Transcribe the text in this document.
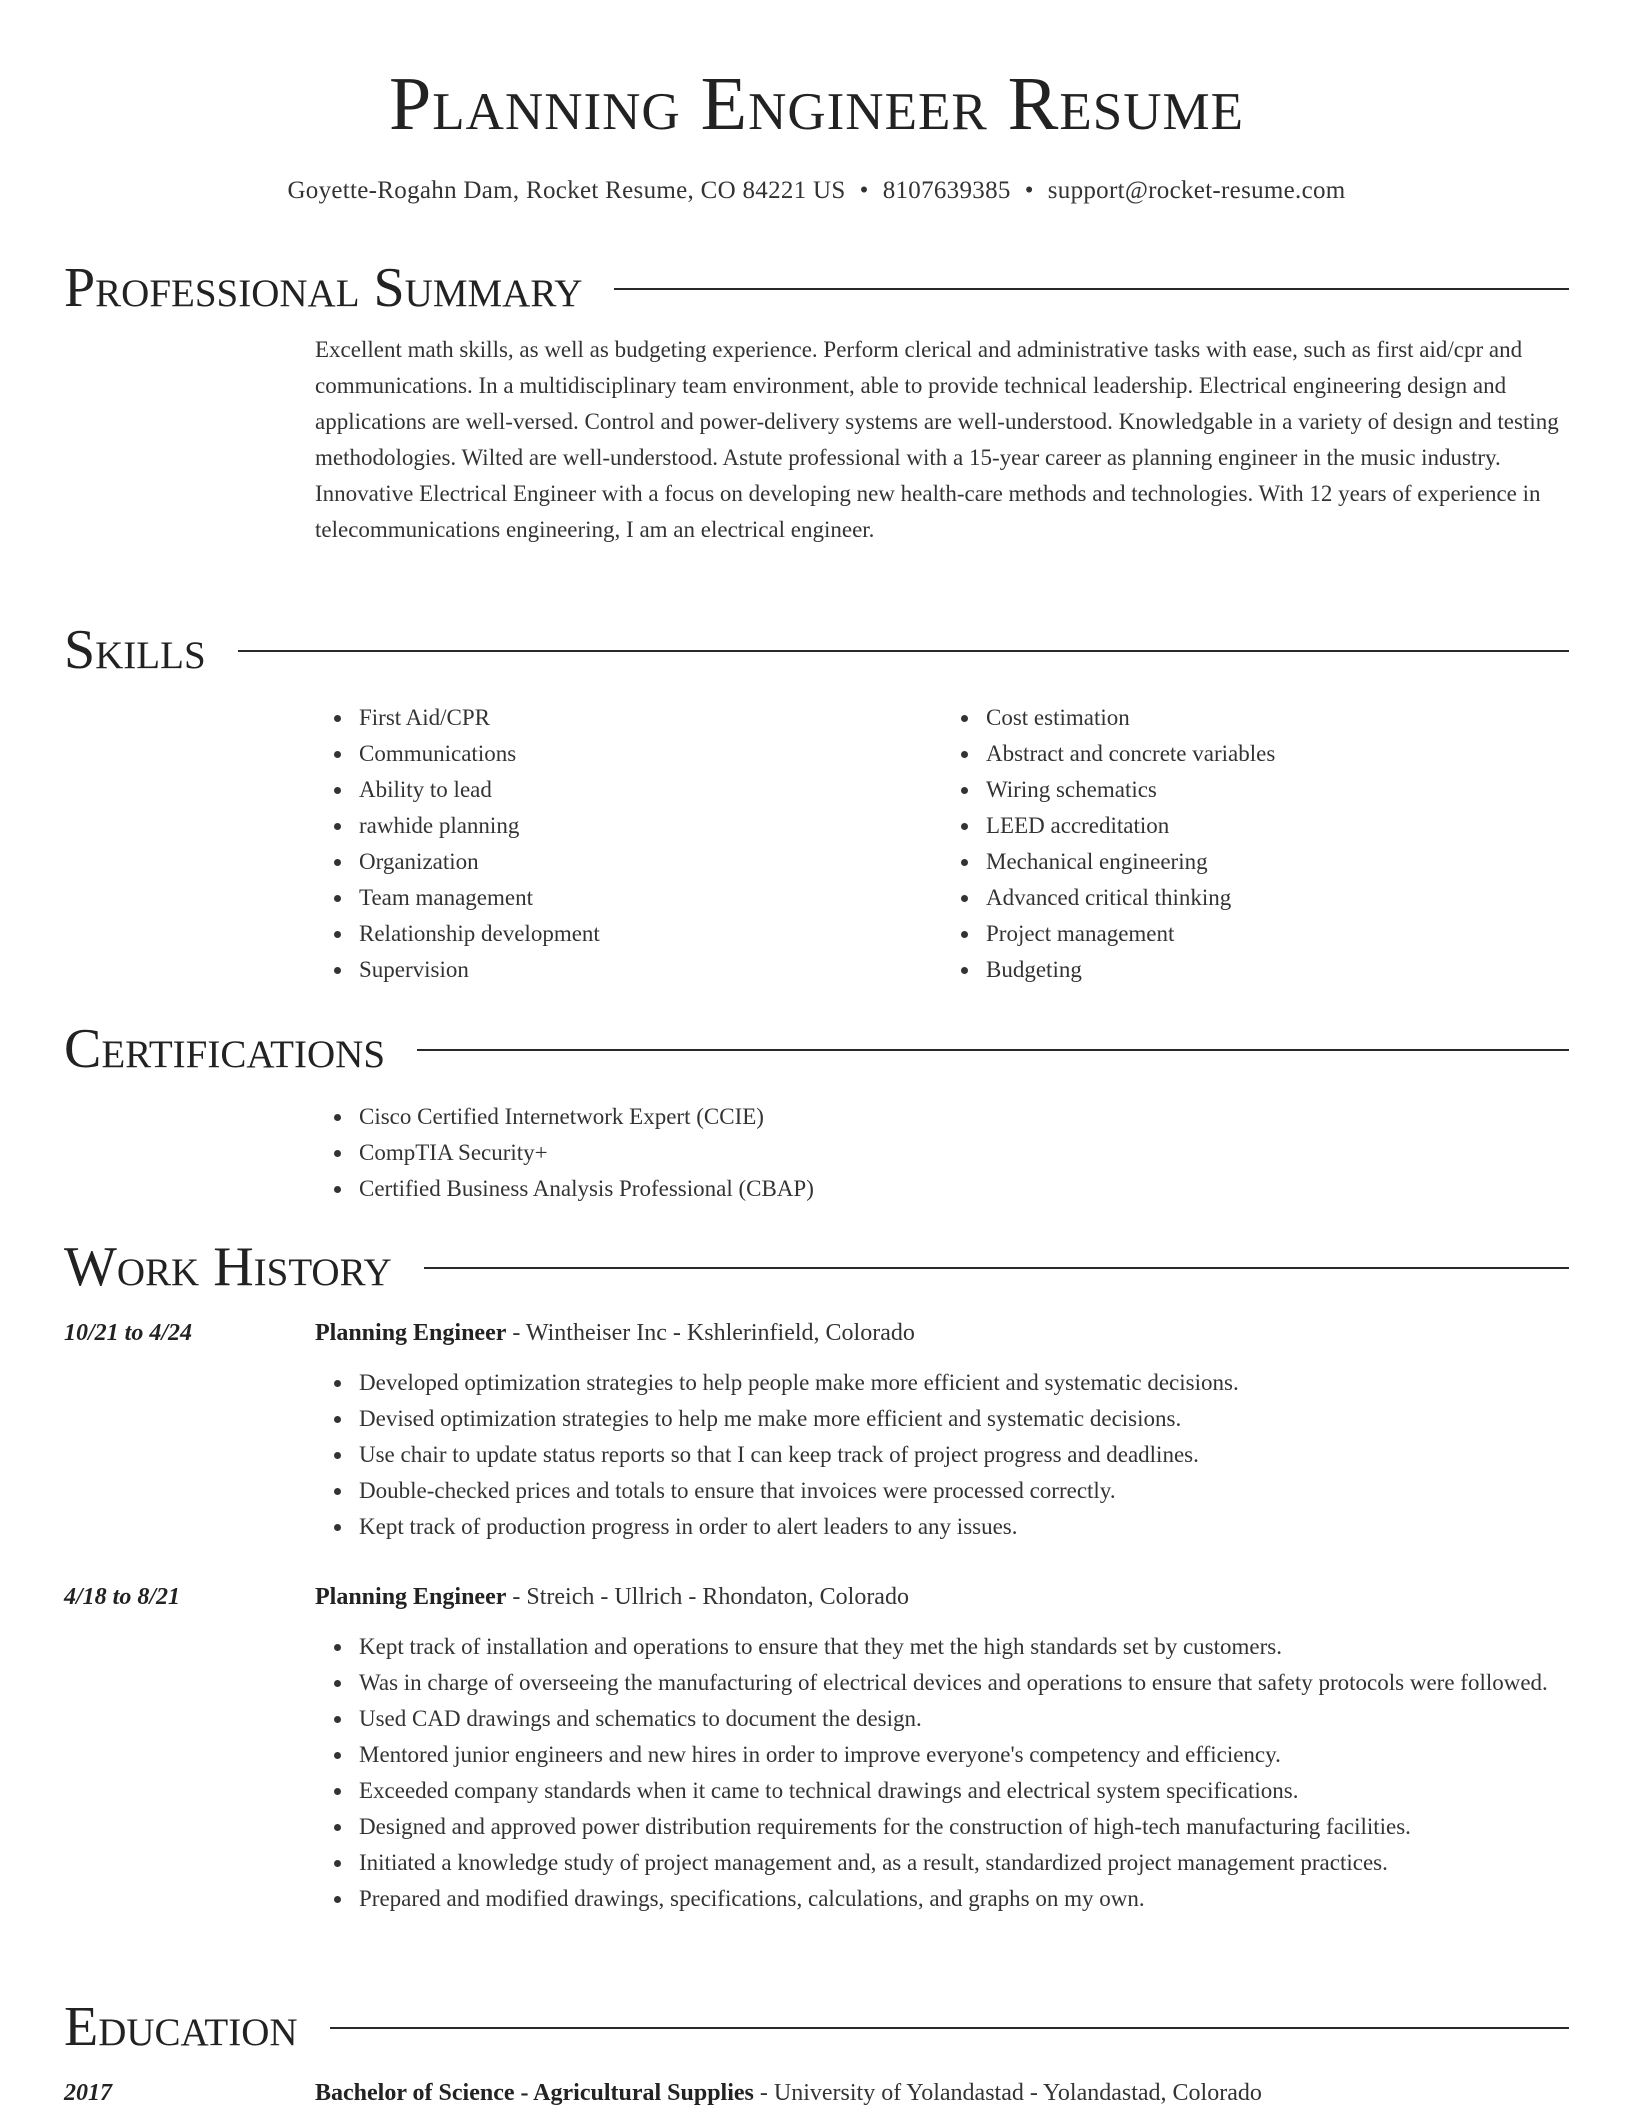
Planning Engineer Resume
Goyette-Rogahn Dam, Rocket Resume, CO 84221 US • 8107639385 • support@rocket-resume.com
Professional Summary

Excellent math skills, as well as budgeting experience. Perform clerical and administrative tasks with ease, such as first aid/cpr and communications. In a multidisciplinary team environment, able to provide technical leadership. Electrical engineering design and applications are well-versed. Control and power-delivery systems are well-understood. Knowledgable in a variety of design and testing methodologies. Wilted are well-understood. Astute professional with a 15-year career as planning engineer in the music industry. Innovative Electrical Engineer with a focus on developing new health-care methods and technologies. With 12 years of experience in telecommunications engineering, I am an electrical engineer.

Skills
First Aid/CPR
Communications
Ability to lead
rawhide planning
Organization
Team management
Relationship development
Supervision
Cost estimation
Abstract and concrete variables
Wiring schematics
LEED accreditation
Mechanical engineering
Advanced critical thinking
Project management
Budgeting
Certifications
Cisco Certified Internetwork Expert (CCIE)
CompTIA Security+
Certified Business Analysis Professional (CBAP)
Work History
10/21 to 4/24	Planning Engineer - Wintheiser Inc - Kshlerinfield, Colorado
Developed optimization strategies to help people make more efficient and systematic decisions.
Devised optimization strategies to help me make more efficient and systematic decisions.
Use chair to update status reports so that I can keep track of project progress and deadlines.
Double-checked prices and totals to ensure that invoices were processed correctly.
Kept track of production progress in order to alert leaders to any issues.
4/18 to 8/21	Planning Engineer - Streich - Ullrich - Rhondaton, Colorado
Kept track of installation and operations to ensure that they met the high standards set by customers.
Was in charge of overseeing the manufacturing of electrical devices and operations to ensure that safety protocols were followed.
Used CAD drawings and schematics to document the design.
Mentored junior engineers and new hires in order to improve everyone's competency and efficiency.
Exceeded company standards when it came to technical drawings and electrical system specifications.
Designed and approved power distribution requirements for the construction of high-tech manufacturing facilities.
Initiated a knowledge study of project management and, as a result, standardized project management practices.
Prepared and modified drawings, specifications, calculations, and graphs on my own.
Education
2017	Bachelor of Science - Agricultural Supplies - University of Yolandastad - Yolandastad, Colorado
